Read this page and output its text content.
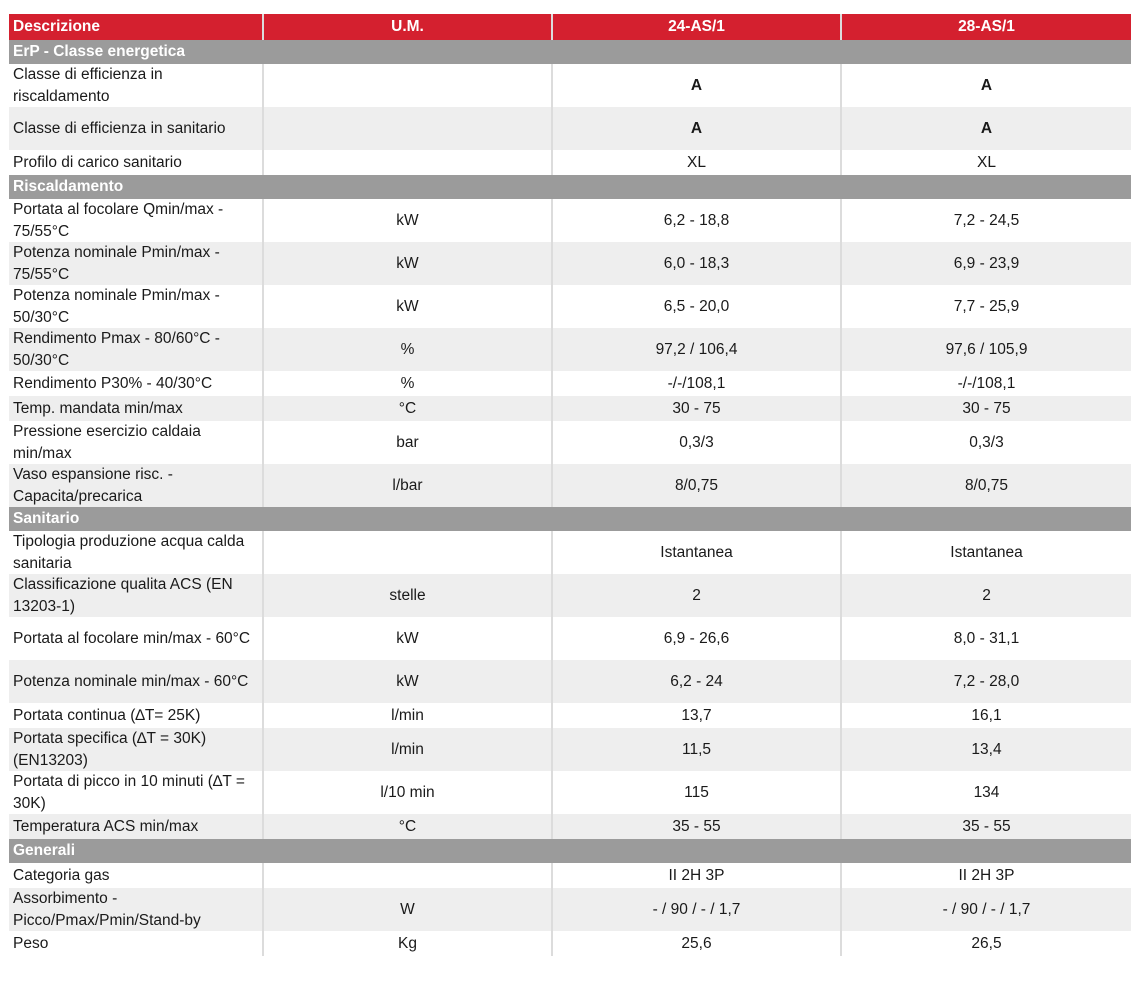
Descrizione	U.M.	24-AS/1	28-AS/1
ErP - Classe energetica			
Classe di efficienza in riscaldamento		A	A
Classe di efficienza in sanitario		A	A
Profilo di carico sanitario		XL	XL
Riscaldamento			
Portata al focolare Qmin/max - 75/55°C	kW	6,2 - 18,8	7,2 - 24,5
Potenza nominale Pmin/max - 75/55°C	kW	6,0 - 18,3	6,9 - 23,9
Potenza nominale Pmin/max - 50/30°C	kW	6,5 - 20,0	7,7 - 25,9
Rendimento Pmax - 80/60°C - 50/30°C	%	97,2 / 106,4	97,6 / 105,9
Rendimento P30% - 40/30°C	%	-/-/108,1	-/-/108,1
Temp. mandata min/max	°C	30 - 75	30 - 75
Pressione esercizio caldaia min/max	bar	0,3/3	0,3/3
Vaso espansione risc. - Capacita/precarica	l/bar	8/0,75	8/0,75
Sanitario			
Tipologia produzione acqua calda sanitaria		Istantanea	Istantanea
Classificazione qualita ACS (EN 13203-1)	stelle	2	2
Portata al focolare min/max - 60°C	kW	6,9 - 26,6	8,0 - 31,1
Potenza nominale min/max - 60°C	kW	6,2 - 24	7,2 - 28,0
Portata continua (∆T= 25K)	l/min	13,7	16,1
Portata specifica (∆T = 30K) (EN13203)	l/min	11,5	13,4
Portata di picco in 10 minuti (∆T = 30K)	l/10 min	115	134
Temperatura ACS min/max	°C	35 - 55	35 - 55
Generali			
Categoria gas		II 2H 3P	II 2H 3P
Assorbimento - Picco/Pmax/Pmin/Stand-by	W	- / 90 / - / 1,7	- / 90 / - / 1,7
Peso	Kg	25,6	26,5
